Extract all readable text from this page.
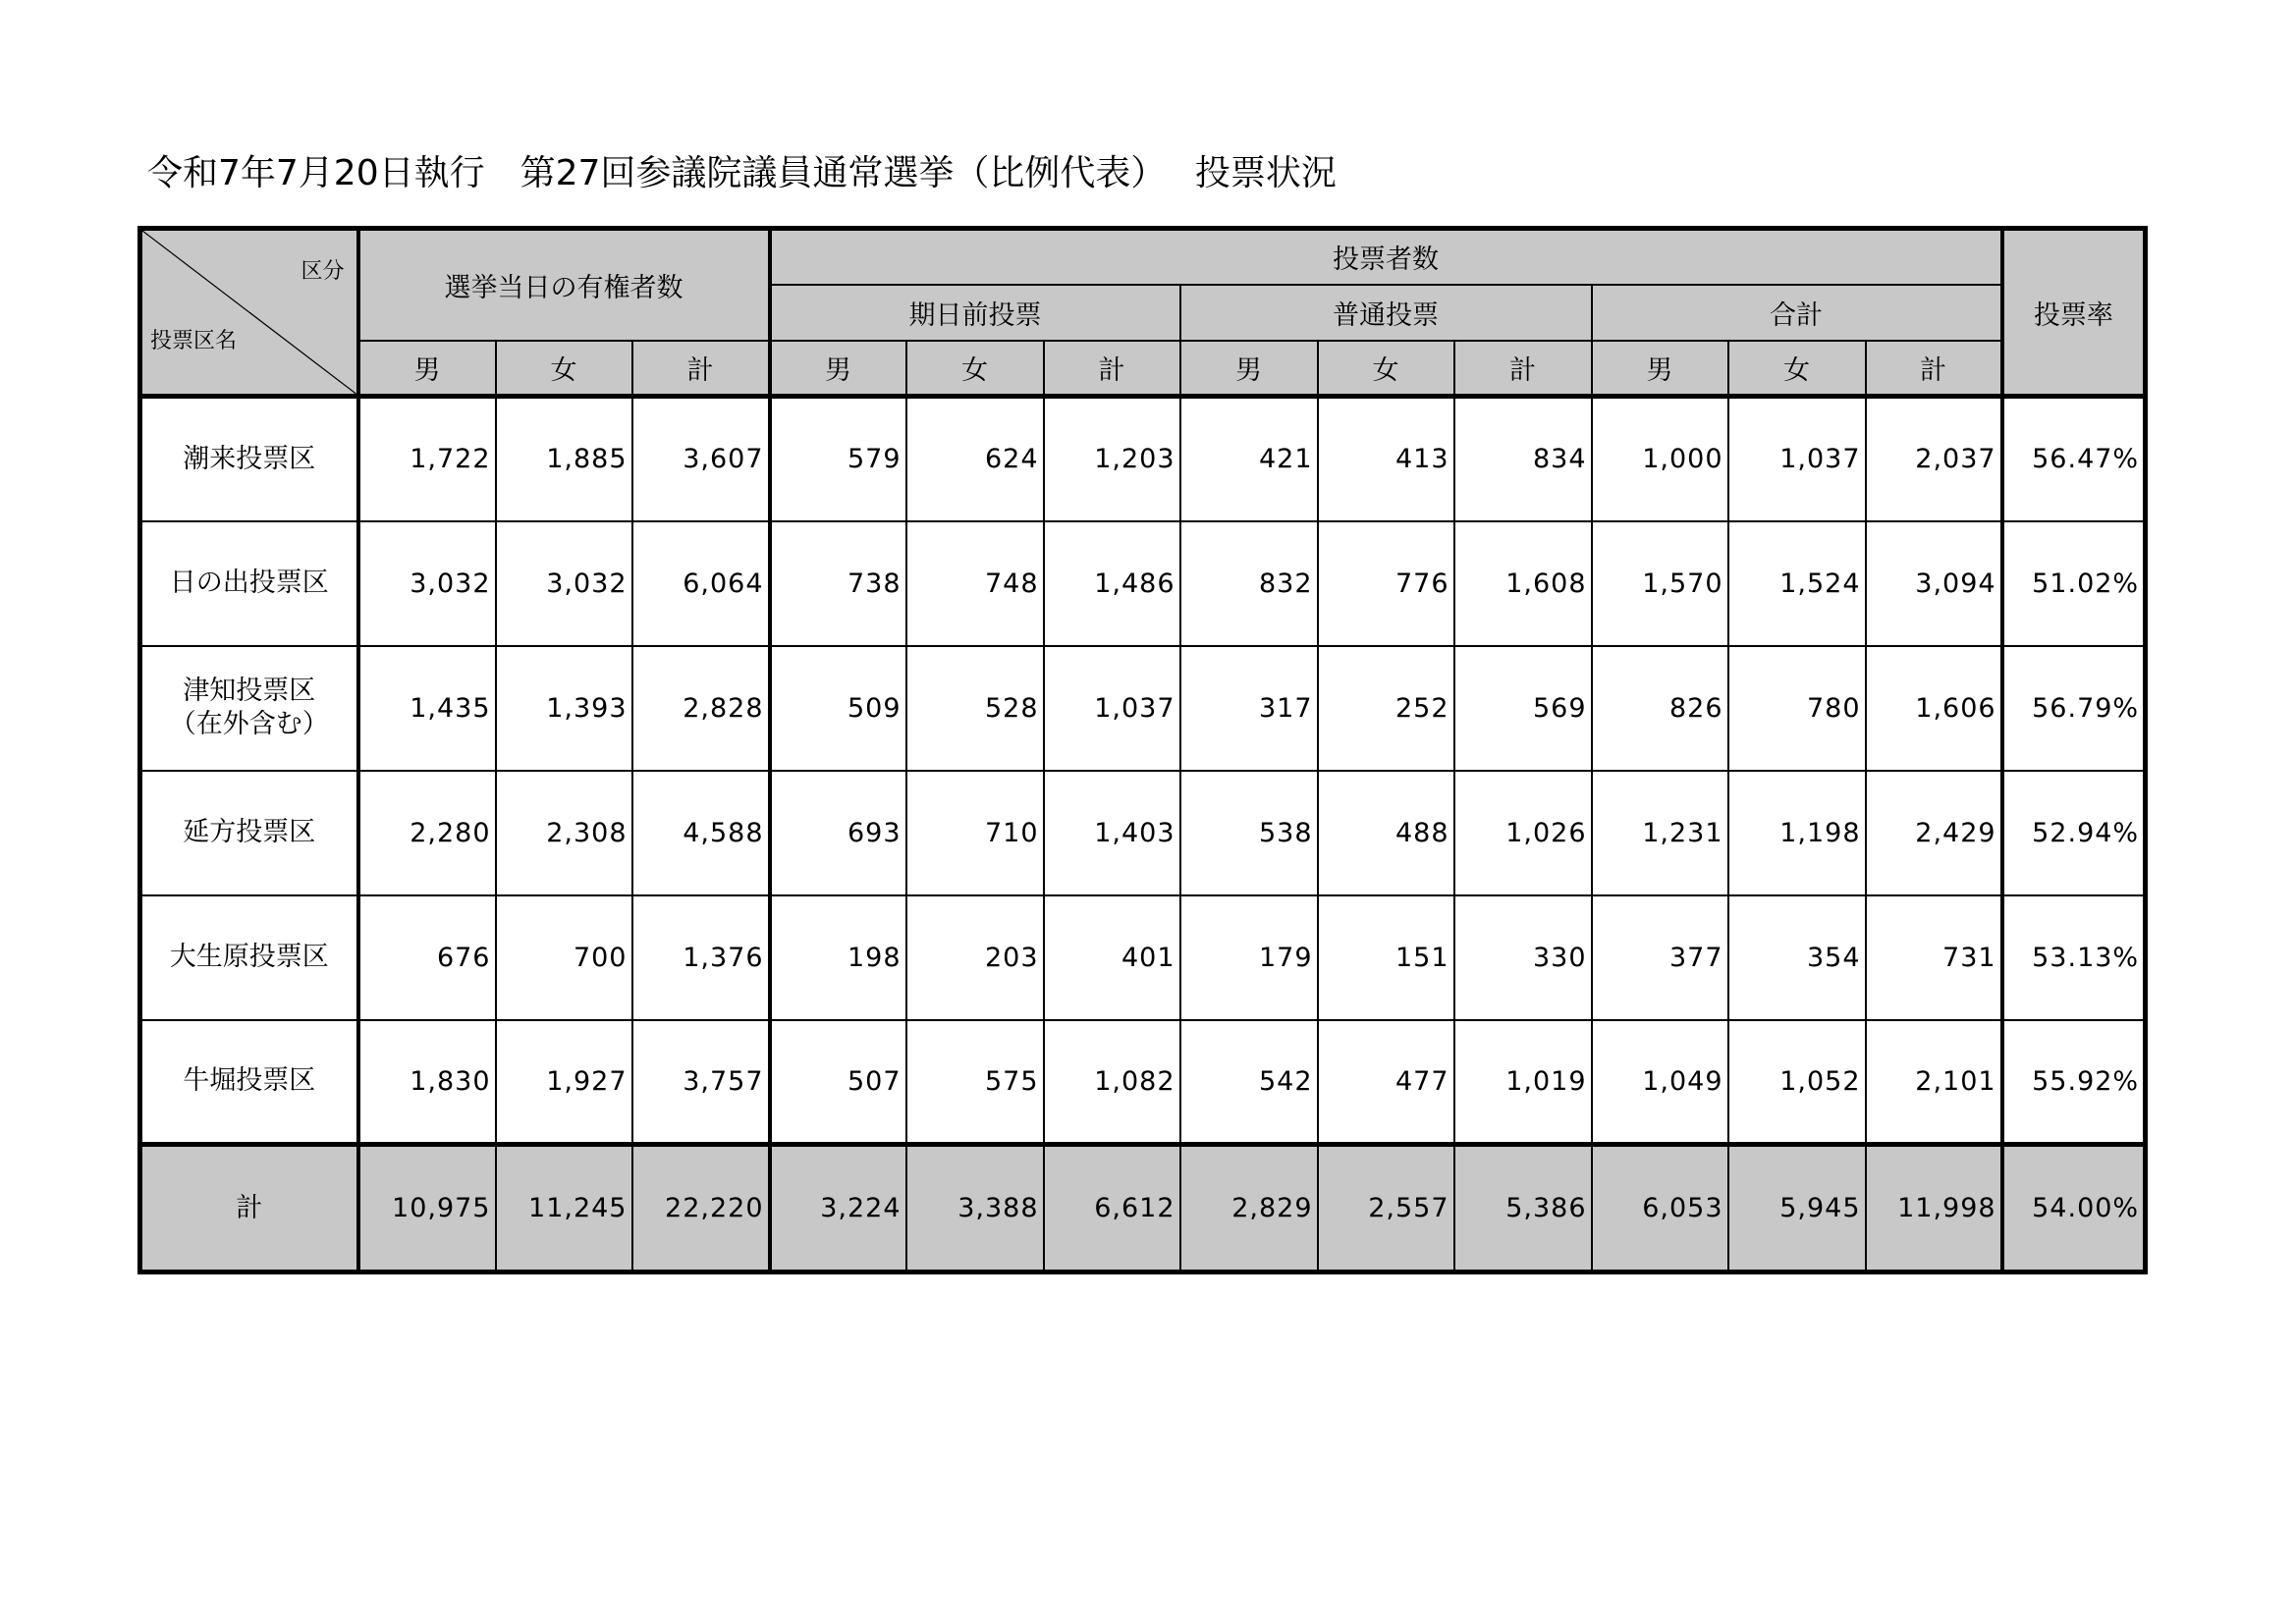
令和7年7月20日執行　第27回参議院議員通常選挙（比例代表）　 投票状況
区分
投票区名	選挙当日の有権者数			投票者数									投票率
				期日前投票			普通投票			合計			
	男	女	計	男	女	計	男	女	計	男	女	計	

潮来投票区	1,722	1,885	3,607	579	624	1,203	421	413	834	1,000	1,037	2,037	56.47%

日の出投票区	3,032	3,032	6,064	738	748	1,486	832	776	1,608	1,570	1,524	3,094	51.02%

津知投票区
（在外含む）	1,435	1,393	2,828	509	528	1,037	317	252	569	826	780	1,606	56.79%

延方投票区	2,280	2,308	4,588	693	710	1,403	538	488	1,026	1,231	1,198	2,429	52.94%

大生原投票区	676	700	1,376	198	203	401	179	151	330	377	354	731	53.13%

牛堀投票区	1,830	1,927	3,757	507	575	1,082	542	477	1,019	1,049	1,052	2,101	55.92%
計	10,975	11,245	22,220	3,224	3,388	6,612	2,829	2,557	5,386	6,053	5,945	11,998	54.00%
